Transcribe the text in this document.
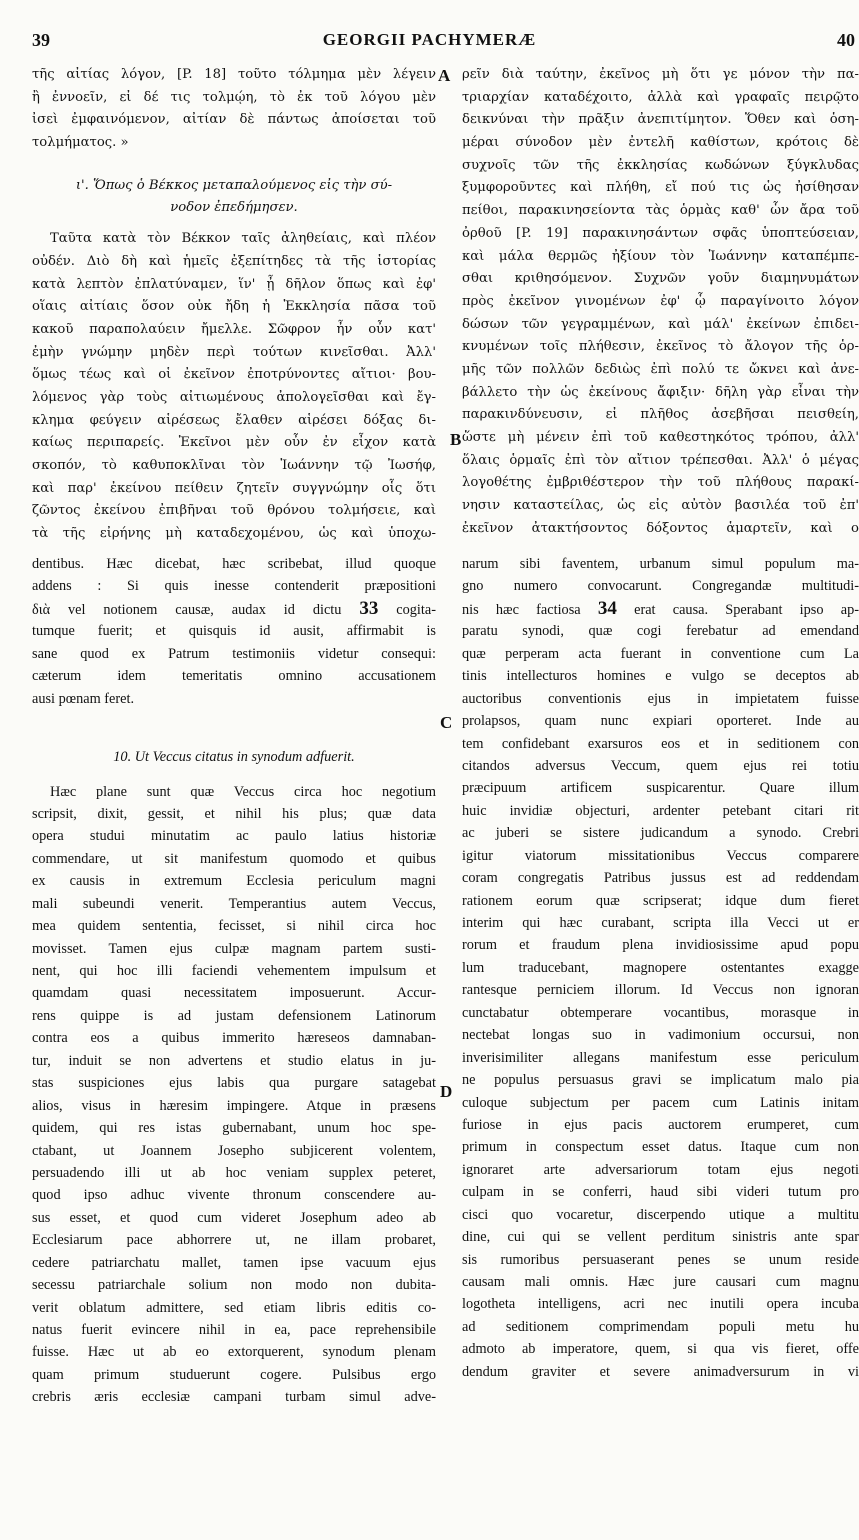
39	GEORGII PACHYMERÆ	40
A
B
C
D
τῆς αἰτίας λόγον, [P. 18] τοῦτο τόλμημα μὲν λέγειν
ἢ ἐννοεῖν, εἰ δέ τις τολμῴη, τὸ ἐκ τοῦ λόγου μὲν
ἰσεὶ ἐμφαινόμενον, αἰτίαν δὲ πάντως ἀποίσεται τοῦ
τολμήματος. »
ι'. Ὅπως ὁ Βέκκος μεταπαλούμενος εἰς τὴν σύ-
νοδον ἐπεδήμησεν.
Ταῦτα κατὰ τὸν Βέκκον ταῖς ἀληθείαις, καὶ πλέον
οὐδέν. Διὸ δὴ καὶ ἡμεῖς ἐξεπίτηδες τὰ τῆς ἱστορίας
κατὰ λεπτὸν ἐπλατύναμεν, ἵν' ᾖ δῆλον ὅπως καὶ ἐφ'
οἵαις αἰτίαις ὅσον οὐκ ἤδη ἡ Ἐκκλησία πᾶσα τοῦ
κακοῦ παραπολαύειν ἤμελλε. Σῶφρον ἦν οὖν κατ'
ἐμὴν γνώμην μηδὲν περὶ τούτων κινεῖσθαι. Ἀλλ'
ὅμως τέως καὶ οἱ ἐκεῖνον ἐποτρύνοντες αἴτιοι· βου-
λόμενος γὰρ τοὺς αἰτιωμένους ἀπολογεῖσθαι καὶ ἔγ-
κλημα φεύγειν αἱρέσεως ἔλαθεν αἱρέσει δόξας δι-
καίως περιπαρείς. Ἐκεῖνοι μὲν οὖν ἐν εἶχον κατὰ
σκοπόν, τὸ καθυποκλῖναι τὸν Ἰωάννην τῷ Ἰωσήφ,
καὶ παρ' ἐκείνου πείθειν ζητεῖν συγγνώμην οἷς ὅτι
ζῶντος ἐκείνου ἐπιβῆναι τοῦ θρόνου τολμήσειε, καὶ
τὰ τῆς εἰρήνης μὴ καταδεχομένου, ὡς καὶ ὑποχω-
ρεῖν διὰ ταύτην, ἐκεῖνος μὴ ὅτι γε μόνον τὴν πα-
τριαρχίαν καταδέχοιτο, ἀλλὰ καὶ γραφαῖς πειρῷτο
δεικνύναι τὴν πρᾶξιν ἀνεπιτίμητον. Ὅθεν καὶ ὁση-
μέραι σύνοδον μὲν ἐντελῆ καθίστων, κρότοις δὲ
συχνοῖς τῶν τῆς ἐκκλησίας κωδώνων ξύγκλυδας
ξυμφοροῦντες καὶ πλήθη, εἴ πού τις ὡς ἠσίθησαν
πείθοι, παρακινησείοντα τὰς ὁρμὰς καθ' ὧν ἄρα τοῦ
ὀρθοῦ [P. 19] παρακινησάντων σφᾶς ὑποπτεύσειαν,
καὶ μάλα θερμῶς ἠξίουν τὸν Ἰωάννην καταπέμπε-
σθαι κριθησόμενον. Συχνῶν γοῦν διαμηνυμάτων
πρὸς ἐκεῖνον γινομένων ἐφ' ᾧ παραγίνοιτο λόγον
δώσων τῶν γεγραμμένων, καὶ μάλ' ἐκείνων ἐπιδει-
κνυμένων τοῖς πλήθεσιν, ἐκεῖνος τὸ ἄλογον τῆς ὁρ-
μῆς τῶν πολλῶν δεδιὼς ἐπὶ πολύ τε ὤκνει καὶ ἀνε-
βάλλετο τὴν ὡς ἐκείνους ἄφιξιν· δῆλη γὰρ εἶναι τὴν
παρακινδύνευσιν, εἰ πλῆθος ἀσεβῆσαι πεισθείη,
ὥστε μὴ μένειν ἐπὶ τοῦ καθεστηκότος τρόπου, ἀλλ'
ὅλαις ὁρμαῖς ἐπὶ τὸν αἴτιον τρέπεσθαι. Ἀλλ' ὁ μέγας
λογοθέτης ἐμβριθέστερον τὴν τοῦ πλήθους παρακί-
νησιν καταστείλας, ὡς εἰς αὐτὸν βασιλέα τοῦ ἐπ'
ἐκεῖνον ἀτακτήσοντος δόξοντος ἁμαρτεῖν, καὶ ο
dentibus. Hæc dicebat, hæc scribebat, illud quoque
addens : Si quis inesse contenderit præpositioni
διὰ vel notionem causæ, audax id dictu 33 cogita-
tumque fuerit; et quisquis id ausit, affirmabit is
sane quod ex Patrum testimoniis videtur consequi:
cæterum idem temeritatis omnino accusationem
ausi pœnam feret.
10. Ut Veccus citatus in synodum adfuerit.
Hæc plane sunt quæ Veccus circa hoc negotium
scripsit, dixit, gessit, et nihil his plus; quæ data
opera studui minutatim ac paulo latius historiæ
commendare, ut sit manifestum quomodo et quibus
ex causis in extremum Ecclesia periculum magni
mali subeundi venerit. Temperantius autem Veccus,
mea quidem sententia, fecisset, si nihil circa hoc
movisset. Tamen ejus culpæ magnam partem susti-
nent, qui hoc illi faciendi vehementem impulsum et
quamdam quasi necessitatem imposuerunt. Accur-
rens quippe is ad justam defensionem Latinorum
contra eos a quibus immerito hæreseos damnaban-
tur, induit se non advertens et studio elatus in ju-
stas suspiciones ejus labis qua purgare satagebat
alios, visus in hæresim impingere. Atque in præsens
quidem, qui res istas gubernabant, unum hoc spe-
ctabant, ut Joannem Josepho subjicerent volentem,
persuadendo illi ut ab hoc veniam supplex peteret,
quod ipso adhuc vivente thronum conscendere au-
sus esset, et quod cum videret Josephum adeo ab
Ecclesiarum pace abhorrere ut, ne illam probaret,
cedere patriarchatu mallet, tamen ipse vacuum ejus
secessu patriarchale solium non modo non dubita-
verit oblatum admittere, sed etiam libris editis co-
natus fuerit evincere nihil in ea, pace reprehensibile
fuisse. Hæc ut ab eo extorquerent, synodum plenam
quam primum studuerunt cogere. Pulsibus ergo
crebris æris ecclesiæ campani turbam simul adve-
narum sibi faventem, urbanum simul populum ma-
gno numero convocarunt. Congregandæ multitudi-
nis hæc factiosa 34 erat causa. Sperabant ipso ap-
paratu synodi, quæ cogi ferebatur ad emendand
quæ perperam acta fuerant in conventione cum La
tinis intellecturos homines e vulgo se deceptos ab
auctoribus conventionis ejus in impietatem fuisse
prolapsos, quam nunc expiari oporteret. Inde au
tem confidebant exarsuros eos et in seditionem con
citandos adversus Veccum, quem ejus rei totiu
præcipuum artificem suspicarentur. Quare illum
huic invidiæ objecturi, ardenter petebant citari rit
ac juberi se sistere judicandum a synodo. Crebri
igitur viatorum missitationibus Veccus comparere
coram congregatis Patribus jussus est ad reddendam
rationem eorum quæ scripserat; idque dum fieret
interim qui hæc curabant, scripta illa Vecci ut er
rorum et fraudum plena invidiosissime apud popu
lum traducebant, magnopere ostentantes exagge
rantesque perniciem illorum. Id Veccus non ignoran
cunctabatur obtemperare vocantibus, morasque in
nectebat longas suo in vadimonium occursui, non
inverisimiliter allegans manifestum esse periculum
ne populus persuasus gravi se implicatum malo pia
culoque subjectum per pacem cum Latinis initam
furiose in ejus pacis auctorem erumperet, cum
primum in conspectum esset datus. Itaque cum non
ignoraret arte adversariorum totam ejus negoti
culpam in se conferri, haud sibi videri tutum pro
cisci quo vocaretur, discerpendo utique a multitu
dine, cui qui se vellent perditum sinistris ante spar
sis rumoribus persuaserant penes se unum reside
causam mali omnis. Hæc jure causari cum magnu
logotheta intelligens, acri nec inutili opera incuba
ad seditionem comprimendam populi metu hu
admoto ab imperatore, quem, si qua vis fieret, offe
dendum graviter et severe animadversurum in vi
